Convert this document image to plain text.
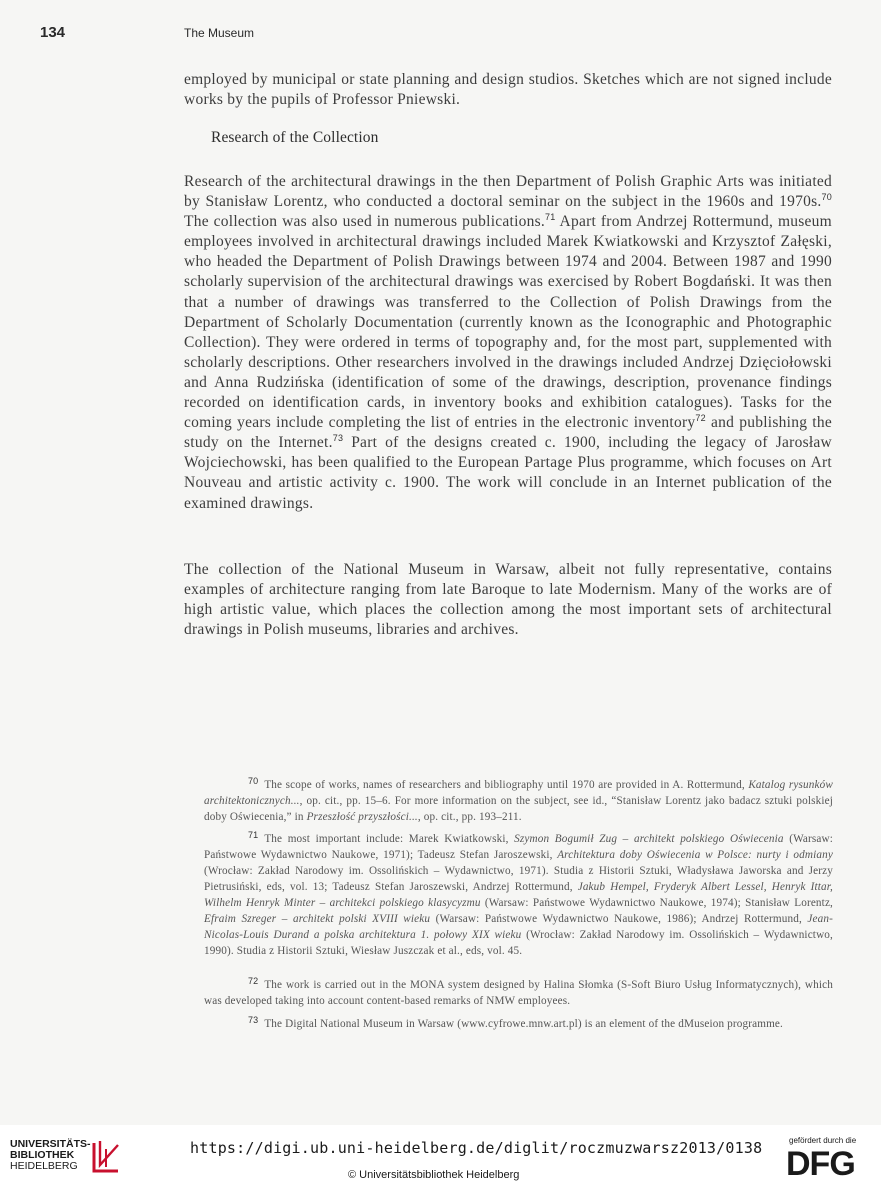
134	The Museum

employed by municipal or state planning and design studios. Sketches which are not signed include works by the pupils of Professor Pniewski.

Research of the Collection

Research of the architectural drawings in the then Department of Polish Graphic Arts was initiated by Stanisław Lorentz, who conducted a doctoral seminar on the subject in the 1960s and 1970s.$^{70}$ The collection was also used in numerous publications.$^{71}$ Apart from Andrzej Rottermund, museum employees involved in architectural drawings included Marek Kwiatkowski and Krzysztof Załęski, who headed the Department of Polish Drawings between 1974 and 2004. Between 1987 and 1990 scholarly supervision of the architectural drawings was exercised by Robert Bogdański. It was then that a number of drawings was transferred to the Collection of Polish Drawings from the Department of Scholarly Documentation (currently known as the Iconographic and Photographic Collection). They were ordered in terms of topography and, for the most part, supplemented with scholarly descriptions. Other researchers involved in the drawings included Andrzej Dzięciołowski and Anna Rudzińska (identification of some of the drawings, description, provenance findings recorded on identification cards, in inventory books and exhibition catalogues). Tasks for the coming years include completing the list of entries in the electronic inventory$^{72}$ and publishing the study on the Internet.$^{73}$ Part of the designs created c. 1900, including the legacy of Jarosław Wojciechowski, has been qualified to the European Partage Plus programme, which focuses on Art Nouveau and artistic activity c. 1900. The work will conclude in an Internet publication of the examined drawings.

The collection of the National Museum in Warsaw, albeit not fully representative, contains examples of architecture ranging from late Baroque to late Modernism. Many of the works are of high artistic value, which places the collection among the most important sets of architectural drawings in Polish museums, libraries and archives.

$^{70}$ The scope of works, names of researchers and bibliography until 1970 are provided in A. Rottermund, Katalog rysunków architektonicznych..., op. cit., pp. 15–6. For more information on the subject, see id., “Stanisław Lorentz jako badacz sztuki polskiej doby Oświecenia,” in Przeszłość przyszłości..., op. cit., pp. 193–211.

$^{71}$ The most important include: Marek Kwiatkowski, Szymon Bogumił Zug – architekt polskiego Oświecenia (Warsaw: Państwowe Wydawnictwo Naukowe, 1971); Tadeusz Stefan Jaroszewski, Architektura doby Oświecenia w Polsce: nurty i odmiany (Wrocław: Zakład Narodowy im. Ossolińskich – Wydawnictwo, 1971). Studia z Historii Sztuki, Władysława Jaworska and Jerzy Pietrusiński, eds, vol. 13; Tadeusz Stefan Jaroszewski, Andrzej Rottermund, Jakub Hempel, Fryderyk Albert Lessel, Henryk Ittar, Wilhelm Henryk Minter – architekci polskiego klasycyzmu (Warsaw: Państwowe Wydawnictwo Naukowe, 1974); Stanisław Lorentz, Efraim Szreger – architekt polski XVIII wieku (Warsaw: Państwowe Wydawnictwo Naukowe, 1986); Andrzej Rottermund, Jean-Nicolas-Louis Durand a polska architektura 1. połowy XIX wieku (Wrocław: Zakład Narodowy im. Ossolińskich – Wydawnictwo, 1990). Studia z Historii Sztuki, Wiesław Juszczak et al., eds, vol. 45.

$^{72}$ The work is carried out in the MONA system designed by Halina Słomka (S-Soft Biuro Usług Informatycznych), which was developed taking into account content-based remarks of NMW employees.

$^{73}$ The Digital National Museum in Warsaw (www.cyfrowe.mnw.art.pl) is an element of the dMuseion programme.

UNIVERSITÄTS-
BIBLIOTHEK
HEIDELBERG
https://digi.ub.uni-heidelberg.de/diglit/roczmuzwarsz2013/0138
© Universitätsbibliothek Heidelberg
gefördert durch die
DFG
